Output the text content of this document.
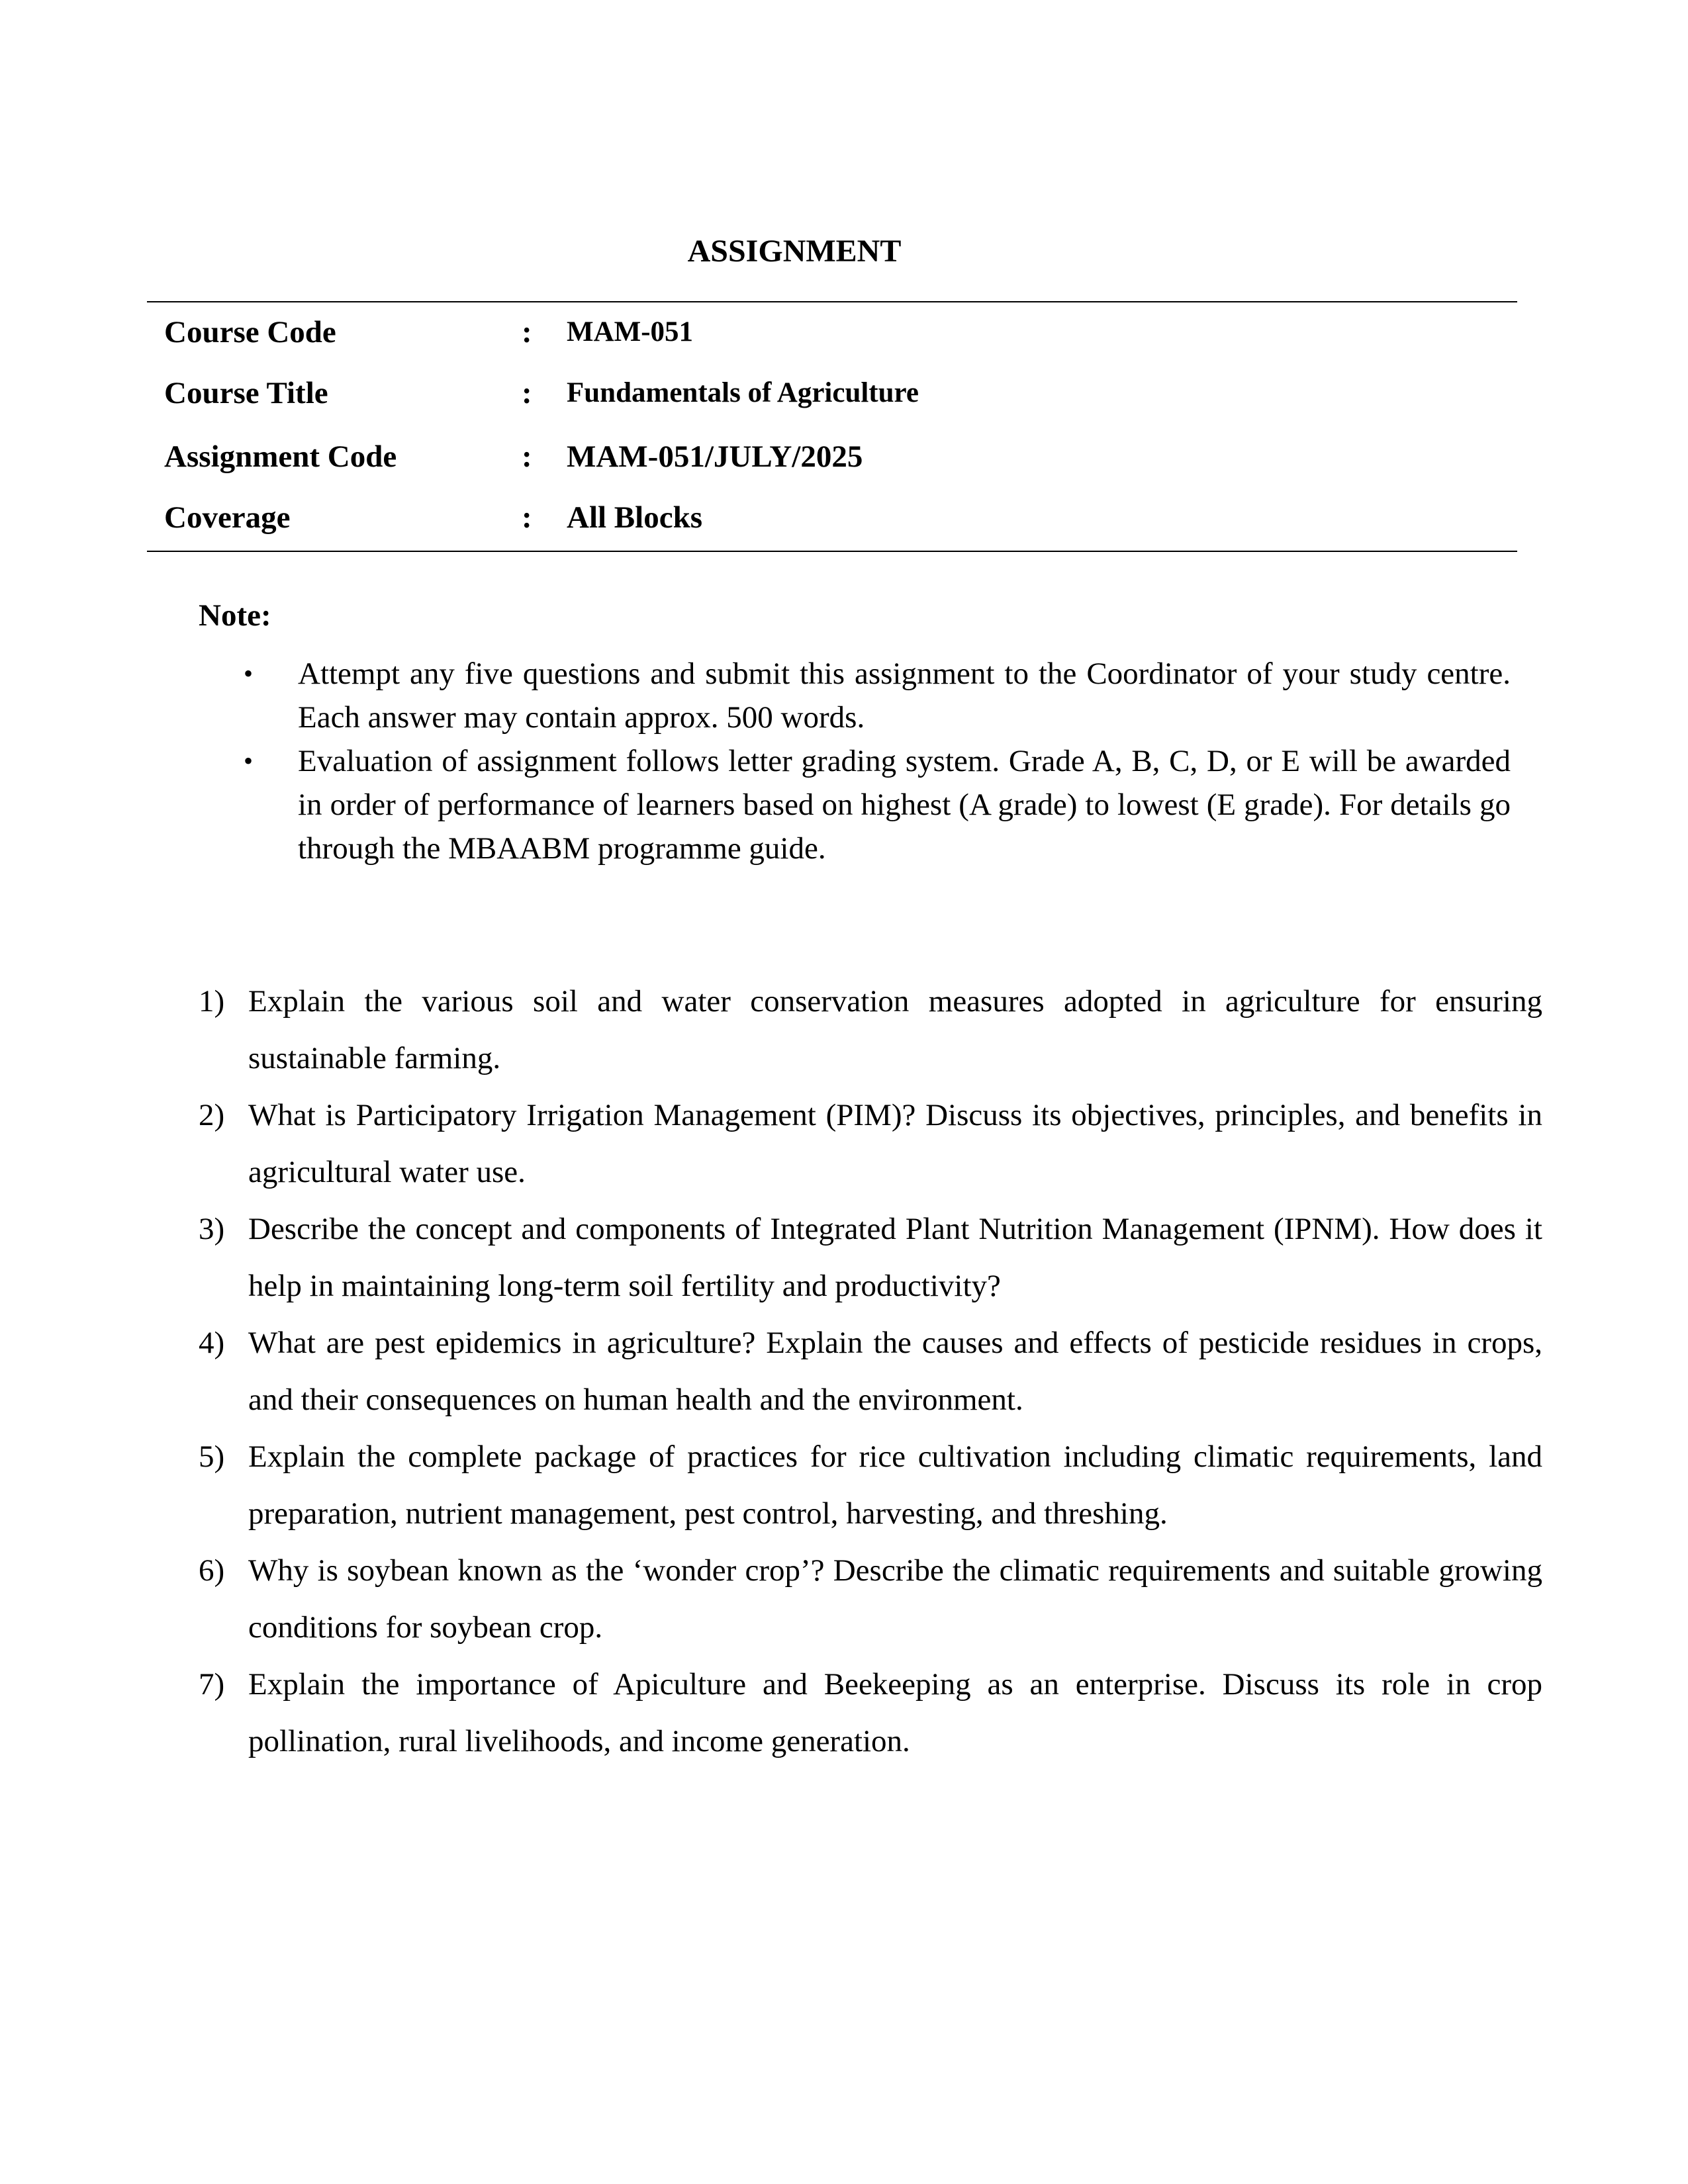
ASSIGNMENT
Course Code	: MAM-051
Course Title	: Fundamentals of Agriculture
Assignment Code	: MAM-051/JULY/2025
Coverage	: All Blocks
Note:
• Attempt any five questions and submit this assignment to the Coordinator of your study centre. Each answer may contain approx. 500 words.
• Evaluation of assignment follows letter grading system. Grade A, B, C, D, or E will be awarded in order of performance of learners based on highest (A grade) to lowest (E grade). For details go through the MBAABM programme guide.
1) Explain the various soil and water conservation measures adopted in agriculture for ensuring sustainable farming.
2) What is Participatory Irrigation Management (PIM)? Discuss its objectives, principles, and benefits in agricultural water use.
3) Describe the concept and components of Integrated Plant Nutrition Management (IPNM). How does it help in maintaining long-term soil fertility and productivity?
4) What are pest epidemics in agriculture? Explain the causes and effects of pesticide residues in crops, and their consequences on human health and the environment.
5) Explain the complete package of practices for rice cultivation including climatic requirements, land preparation, nutrient management, pest control, harvesting, and threshing.
6) Why is soybean known as the ‘wonder crop’? Describe the climatic requirements and suitable growing conditions for soybean crop.
7) Explain the importance of Apiculture and Beekeeping as an enterprise. Discuss its role in crop pollination, rural livelihoods, and income generation.
